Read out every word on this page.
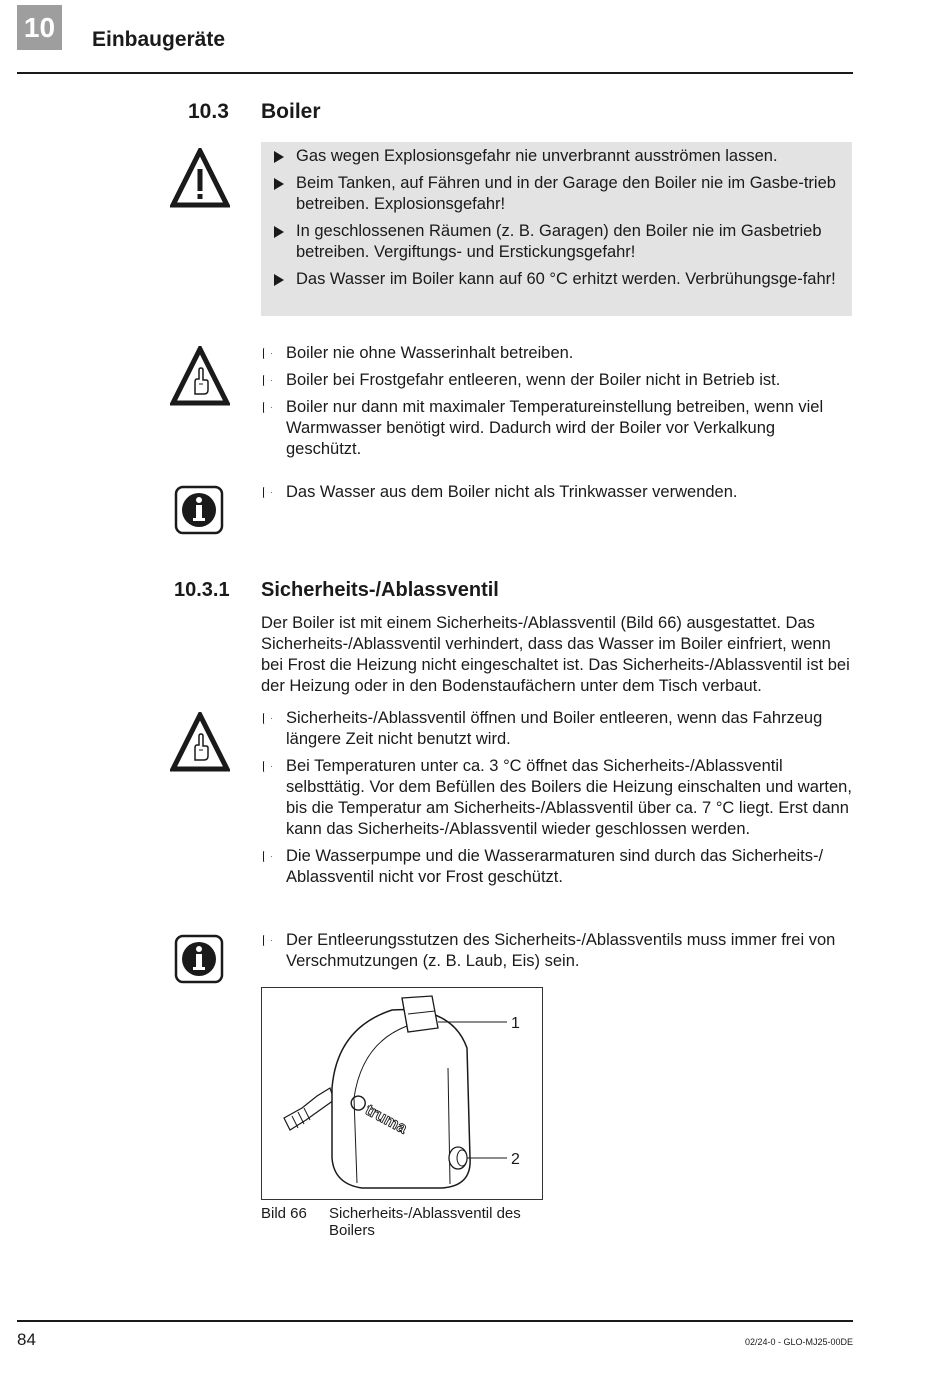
10	Einbaugeräte
10.3 Boiler
Gas wegen Explosionsgefahr nie unverbrannt ausströmen lassen.
Beim Tanken, auf Fähren und in der Garage den Boiler nie im Gasbe-trieb betreiben. Explosionsgefahr!
In geschlossenen Räumen (z. B. Garagen) den Boiler nie im Gasbetrieb betreiben. Vergiftungs- und Erstickungsgefahr!
Das Wasser im Boiler kann auf 60 °C erhitzt werden. Verbrühungsge-fahr!
Boiler nie ohne Wasserinhalt betreiben.
Boiler bei Frostgefahr entleeren, wenn der Boiler nicht in Betrieb ist.
Boiler nur dann mit maximaler Temperatureinstellung betreiben, wenn viel Warmwasser benötigt wird. Dadurch wird der Boiler vor Verkalkung geschützt.
Das Wasser aus dem Boiler nicht als Trinkwasser verwenden.
10.3.1 Sicherheits-/Ablassventil
Der Boiler ist mit einem Sicherheits-/Ablassventil (Bild 66) ausgestattet. Das Sicherheits-/Ablassventil verhindert, dass das Wasser im Boiler einfriert, wenn bei Frost die Heizung nicht eingeschaltet ist. Das Sicherheits-/Ablassventil ist bei der Heizung oder in den Bodenstaufächern unter dem Tisch verbaut.
Sicherheits-/Ablassventil öffnen und Boiler entleeren, wenn das Fahrzeug längere Zeit nicht benutzt wird.
Bei Temperaturen unter ca. 3 °C öffnet das Sicherheits-/Ablassventil selbsttätig. Vor dem Befüllen des Boilers die Heizung einschalten und warten, bis die Temperatur am Sicherheits-/Ablassventil über ca. 7 °C liegt. Erst dann kann das Sicherheits-/Ablassventil wieder geschlossen werden.
Die Wasserpumpe und die Wasserarmaturen sind durch das Sicherheits-/ Ablassventil nicht vor Frost geschützt.
Der Entleerungsstutzen des Sicherheits-/Ablassventils muss immer frei von Verschmutzungen (z. B. Laub, Eis) sein.
truma
1
2
Bild 66 Sicherheits-/Ablassventil des Boilers
84	02/24-0 - GLO-MJ25-00DE
